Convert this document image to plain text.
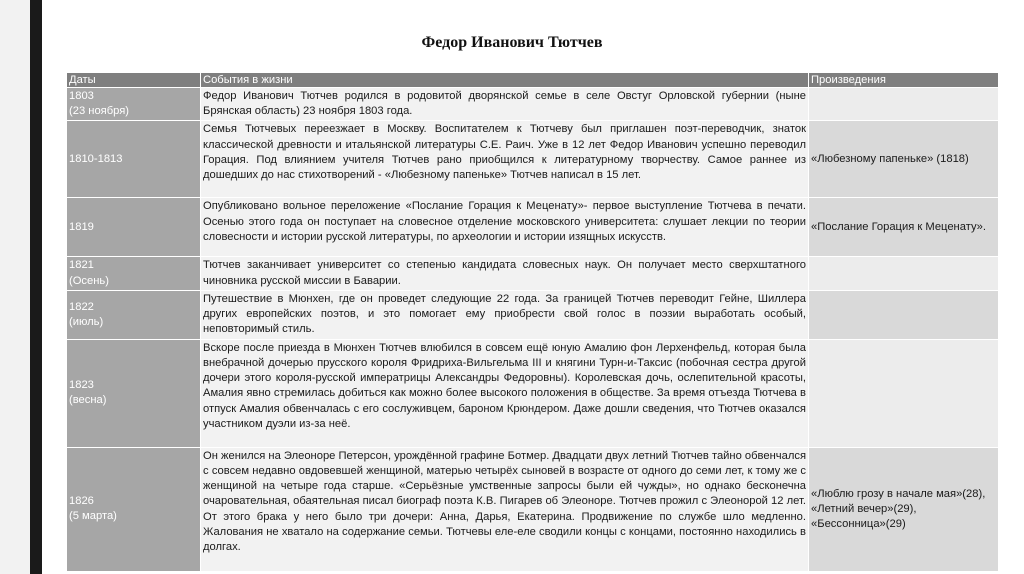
Федор Иванович Тютчев
Даты	События в жизни	Произведения

1803
(23 ноября)	Федор Иванович Тютчев родился в родовитой дворянской семье в селе Овстуг Орловской губернии (ныне Брянская область) 23 ноября 1803 года.	

1810-1813	Семья Тютчевых переезжает в Москву. Воспитателем к Тютчеву был приглашен поэт-переводчик, знаток классической древности и итальянской литературы С.Е. Раич. Уже в 12 лет Федор Иванович успешно переводил Горация. Под влиянием учителя Тютчев рано приобщился к литературному творчеству. Самое раннее из дошедших до нас стихотворений - «Любезному папеньке» Тютчев написал в 15 лет.	«Любезному папеньке» (1818)

1819	Опубликовано вольное переложение «Послание Горация к Меценату»- первое выступление Тютчева в печати. Осенью этого года он поступает на словесное отделение московского университета: слушает лекции по теории словесности и истории русской литературы, по археологии и истории изящных искусств.	«Послание Горация к Меценату».

1821
(Осень)	Тютчев заканчивает университет со степенью кандидата словесных наук. Он получает место сверхштатного чиновника русской миссии в Баварии.	

1822
(июль)	Путешествие в Мюнхен, где он проведет следующие 22 года. За границей Тютчев переводит Гейне, Шиллера других европейских поэтов, и это помогает ему приобрести свой голос в поэзии выработать особый, неповторимый стиль.	

1823
(весна)	Вскоре после приезда в Мюнхен Тютчев влюбился в совсем ещё юную Амалию фон Лерхенфельд, которая была внебрачной дочерью прусского короля Фридриха-Вильгельма III и княгини Турн-и-Таксис (побочная сестра другой дочери этого короля-русской императрицы Александры Федоровны). Королевская дочь, ослепительной красоты, Амалия явно стремилась добиться как можно более высокого положения в обществе. За время отъезда Тютчева в отпуск Амалия обвенчалась с его сослуживцем, бароном Крюндером. Даже дошли сведения, что Тютчев оказался участником дуэли из-за неё.	

1826
(5 марта)	Он женился на Элеоноре Петерсон, урождённой графине Ботмер. Двадцати двух летний Тютчев тайно обвенчался с совсем недавно овдовевшей женщиной, матерью четырёх сыновей в возрасте от одного до семи лет, к тому же с женщиной на четыре года старше. «Серьёзные умственные запросы были ей чужды», но однако бесконечна очаровательная, обаятельная писал биограф поэта К.В. Пигарев об Элеоноре. Тютчев прожил с Элеонорой 12 лет. От этого брака у него было три дочери: Анна, Дарья, Екатерина. Продвижение по службе шло медленно. Жалования не хватало на содержание семьи. Тютчевы еле-еле сводили концы с концами, постоянно находились в долгах.	«Люблю грозу в начале мая»(28), «Летний вечер»(29), «Бессонница»(29)
